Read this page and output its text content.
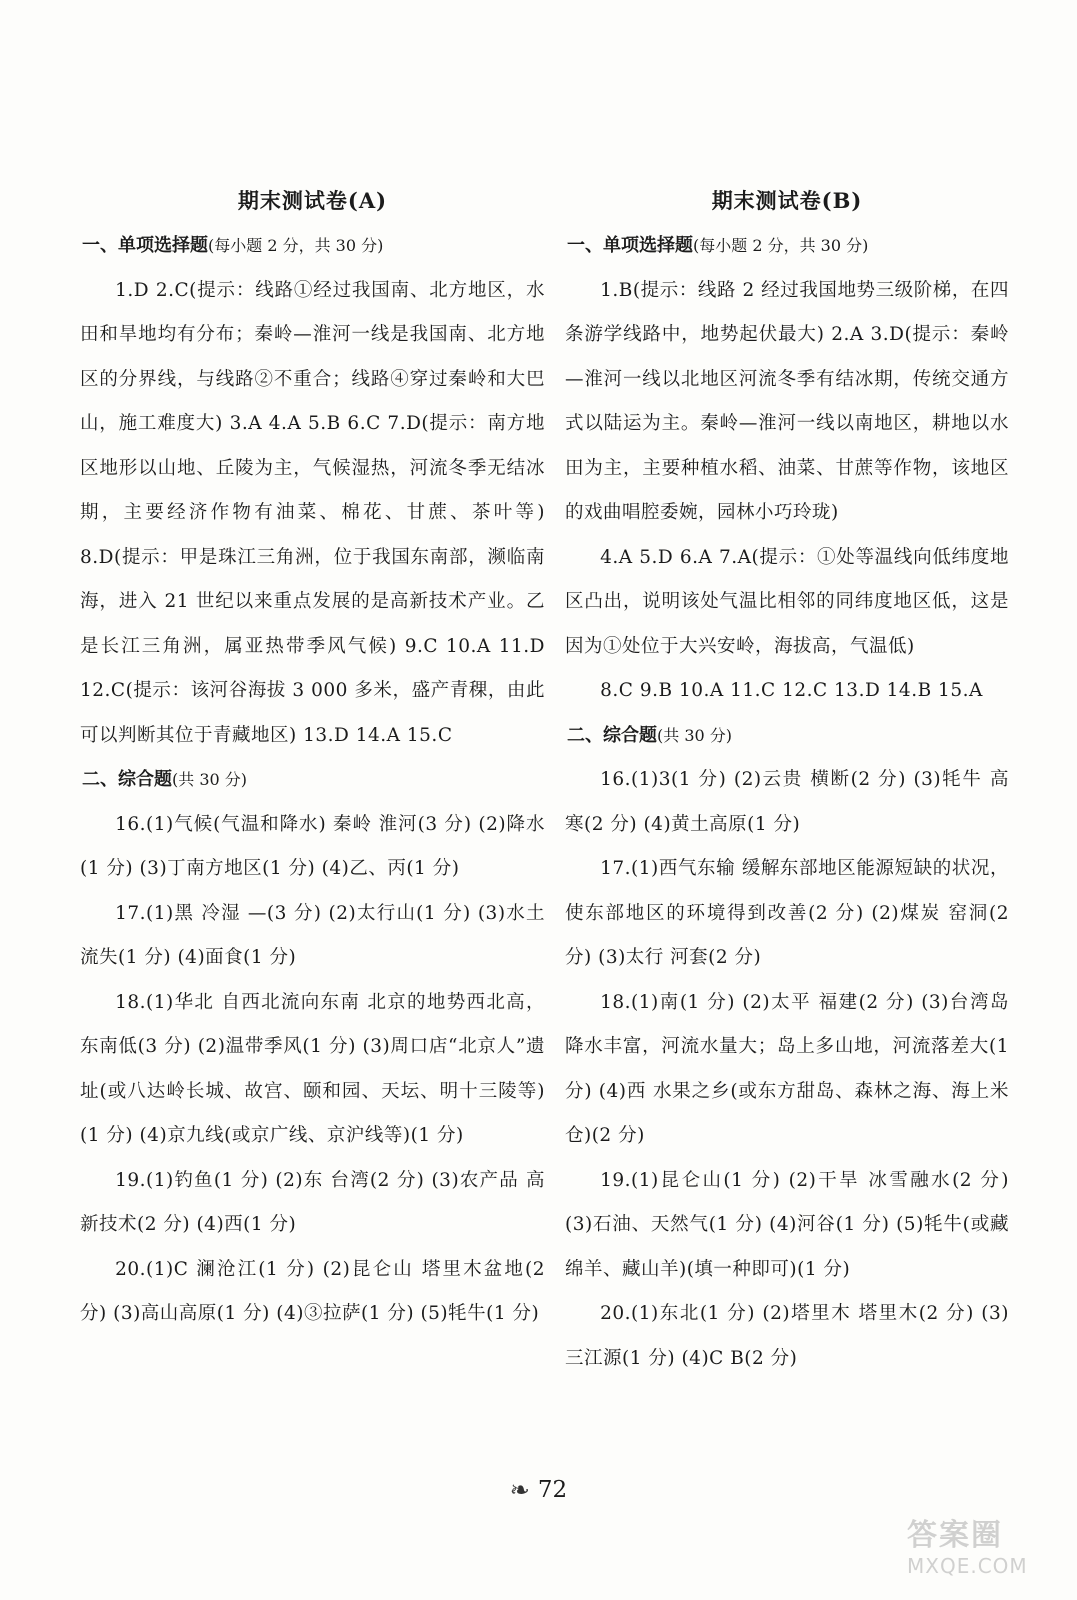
期末测试卷(A)
一、单项选择题(每小题 2 分，共 30 分)
1.D 2.C(提示：线路①经过我国南、北方地区，水田和旱地均有分布；秦岭—淮河一线是我国南、北方地区的分界线，与线路②不重合；线路④穿过秦岭和大巴山，施工难度大) 3.A 4.A 5.B 6.C 7.D(提示：南方地区地形以山地、丘陵为主，气候湿热，河流冬季无结冰期，主要经济作物有油菜、棉花、甘蔗、茶叶等) 8.D(提示：甲是珠江三角洲，位于我国东南部，濒临南海，进入 21 世纪以来重点发展的是高新技术产业。乙是长江三角洲，属亚热带季风气候) 9.C 10.A 11.D 12.C(提示：该河谷海拔 3 000 多米，盛产青稞，由此可以判断其位于青藏地区) 13.D 14.A 15.C
二、综合题(共 30 分)
16.(1)气候(气温和降水) 秦岭 淮河(3 分) (2)降水(1 分) (3)丁南方地区(1 分) (4)乙、丙(1 分)
17.(1)黑 冷湿 —(3 分) (2)太行山(1 分) (3)水土流失(1 分) (4)面食(1 分)
18.(1)华北 自西北流向东南 北京的地势西北高，东南低(3 分) (2)温带季风(1 分) (3)周口店“北京人”遗址(或八达岭长城、故宫、颐和园、天坛、明十三陵等)(1 分) (4)京九线(或京广线、京沪线等)(1 分)
19.(1)钓鱼(1 分) (2)东 台湾(2 分) (3)农产品 高新技术(2 分) (4)西(1 分)
20.(1)C 澜沧江(1 分) (2)昆仑山 塔里木盆地(2 分) (3)高山高原(1 分) (4)③拉萨(1 分) (5)牦牛(1 分)
期末测试卷(B)
一、单项选择题(每小题 2 分，共 30 分)
1.B(提示：线路 2 经过我国地势三级阶梯，在四条游学线路中，地势起伏最大) 2.A 3.D(提示：秦岭—淮河一线以北地区河流冬季有结冰期，传统交通方式以陆运为主。秦岭—淮河一线以南地区，耕地以水田为主，主要种植水稻、油菜、甘蔗等作物，该地区的戏曲唱腔委婉，园林小巧玲珑)
4.A 5.D 6.A 7.A(提示：①处等温线向低纬度地区凸出，说明该处气温比相邻的同纬度地区低，这是因为①处位于大兴安岭，海拔高，气温低)
8.C 9.B 10.A 11.C 12.C 13.D 14.B 15.A
二、综合题(共 30 分)
16.(1)3(1 分) (2)云贵 横断(2 分) (3)牦牛 高寒(2 分) (4)黄土高原(1 分)
17.(1)西气东输 缓解东部地区能源短缺的状况，使东部地区的环境得到改善(2 分) (2)煤炭 窑洞(2 分) (3)太行 河套(2 分)
18.(1)南(1 分) (2)太平 福建(2 分) (3)台湾岛降水丰富，河流水量大；岛上多山地，河流落差大(1 分) (4)西 水果之乡(或东方甜岛、森林之海、海上米仓)(2 分)
19.(1)昆仑山(1 分) (2)干旱 冰雪融水(2 分) (3)石油、天然气(1 分) (4)河谷(1 分) (5)牦牛(或藏绵羊、藏山羊)(填一种即可)(1 分)
20.(1)东北(1 分) (2)塔里木 塔里木(2 分) (3)三江源(1 分) (4)C B(2 分)
❧ 72
答案圈
MXQE.COM
